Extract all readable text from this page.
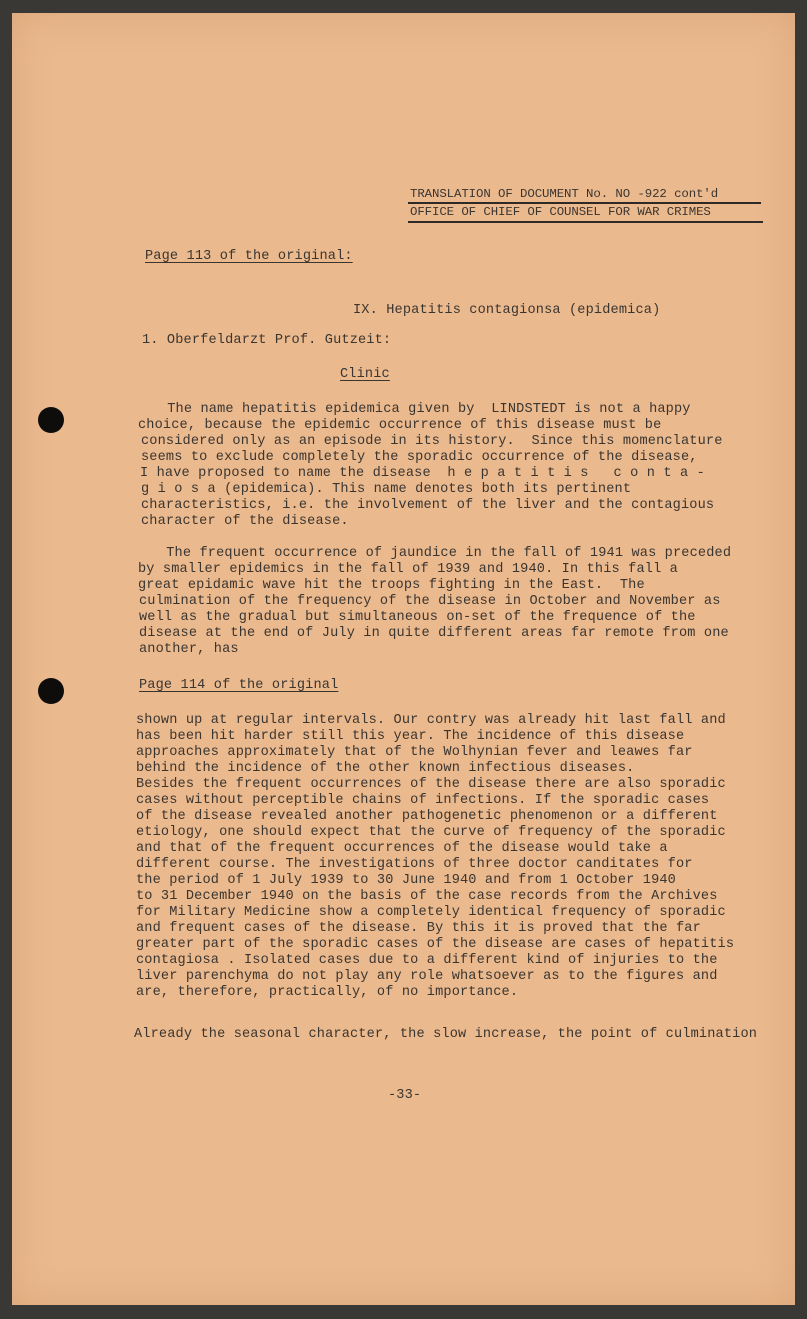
TRANSLATION OF DOCUMENT No. NO -922 cont'd
OFFICE OF CHIEF OF COUNSEL FOR WAR CRIMES
Page 113 of the original:
IX. Hepatitis contagionsa (epidemica)
1. Oberfeldarzt Prof. Gutzeit:
Clinic
The name hepatitis epidemica given by  LINDSTEDT is not a happy
choice, because the epidemic occurrence of this disease must be
considered only as an episode in its history.  Since this momenclature
seems to exclude completely the sporadic occurrence of the disease,
I have proposed to name the disease  h e p a t i t i s   c o n t a -
g i o s a (epidemica). This name denotes both its pertinent
characteristics, i.e. the involvement of the liver and the contagious
character of the disease.
The frequent occurrence of jaundice in the fall of 1941 was preceded
by smaller epidemics in the fall of 1939 and 1940. In this fall a
great epidamic wave hit the troops fighting in the East.  The
culmination of the frequency of the disease in October and November as
well as the gradual but simultaneous on-set of the frequence of the
disease at the end of July in quite different areas far remote from one
another, has
Page 114 of the original
shown up at regular intervals. Our contry was already hit last fall and
has been hit harder still this year. The incidence of this disease
approaches approximately that of the Wolhynian fever and leawes far
behind the incidence of the other known infectious diseases.
Besides the frequent occurrences of the disease there are also sporadic
cases without perceptible chains of infections. If the sporadic cases
of the disease revealed another pathogenetic phenomenon or a different
etiology, one should expect that the curve of frequency of the sporadic
and that of the frequent occurrences of the disease would take a
different course. The investigations of three doctor canditates for
the period of 1 July 1939 to 30 June 1940 and from 1 October 1940
to 31 December 1940 on the basis of the case records from the Archives
for Military Medicine show a completely identical frequency of sporadic
and frequent cases of the disease. By this it is proved that the far
greater part of the sporadic cases of the disease are cases of hepatitis
contagiosa . Isolated cases due to a different kind of injuries to the
liver parenchyma do not play any role whatsoever as to the figures and
are, therefore, practically, of no importance.
Already the seasonal character, the slow increase, the point of culmination
-33-
